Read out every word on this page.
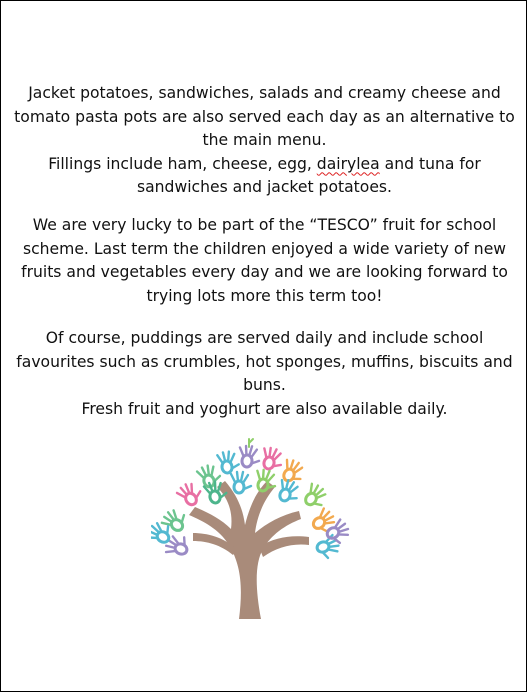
Jacket potatoes, sandwiches, salads and creamy cheese and tomato pasta pots are also served each day as an alternative to the main menu.

Fillings include ham, cheese, egg, dairylea and tuna for sandwiches and jacket potatoes.

We are very lucky to be part of the “TESCO” fruit for school scheme. Last term the children enjoyed a wide variety of new fruits and vegetables every day and we are looking forward to trying lots more this term too!

Of course, puddings are served daily and include school favourites such as crumbles, hot sponges, muffins, biscuits and buns.

Fresh fruit and yoghurt are also available daily.
